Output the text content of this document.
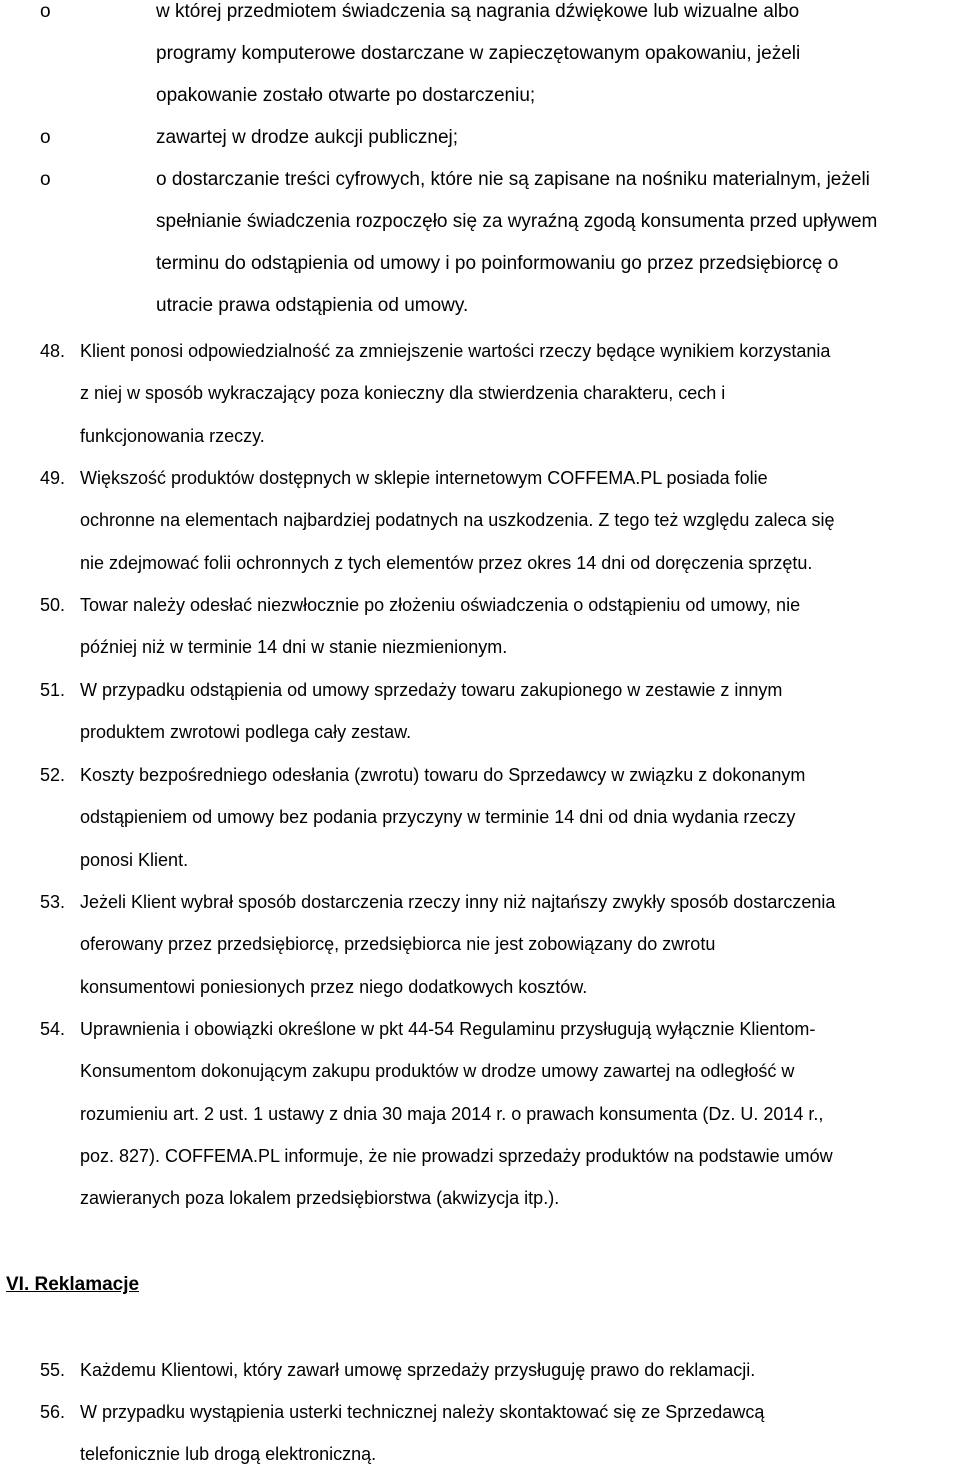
o	w której przedmiotem świadczenia są nagrania dźwiękowe lub wizualne albo
programy komputerowe dostarczane w zapieczętowanym opakowaniu, jeżeli
opakowanie zostało otwarte po dostarczeniu;
o	zawartej w drodze aukcji publicznej;
o	o dostarczanie treści cyfrowych, które nie są zapisane na nośniku materialnym, jeżeli
spełnianie świadczenia rozpoczęło się za wyraźną zgodą konsumenta przed upływem
terminu do odstąpienia od umowy i po poinformowaniu go przez przedsiębiorcę o
utracie prawa odstąpienia od umowy.
48. Klient ponosi odpowiedzialność za zmniejszenie wartości rzeczy będące wynikiem korzystania
z niej w sposób wykraczający poza konieczny dla stwierdzenia charakteru, cech i
funkcjonowania rzeczy.
49. Większość produktów dostępnych w sklepie internetowym COFFEMA.PL posiada folie
ochronne na elementach najbardziej podatnych na uszkodzenia. Z tego też względu zaleca się
nie zdejmować folii ochronnych z tych elementów przez okres 14 dni od doręczenia sprzętu.
50. Towar należy odesłać niezwłocznie po złożeniu oświadczenia o odstąpieniu od umowy, nie
później niż w terminie 14 dni w stanie niezmienionym.
51. W przypadku odstąpienia od umowy sprzedaży towaru zakupionego w zestawie z innym
produktem zwrotowi podlega cały zestaw.
52. Koszty bezpośredniego odesłania (zwrotu) towaru do Sprzedawcy w związku z dokonanym
odstąpieniem od umowy bez podania przyczyny w terminie 14 dni od dnia wydania rzeczy
ponosi Klient.
53. Jeżeli Klient wybrał sposób dostarczenia rzeczy inny niż najtańszy zwykły sposób dostarczenia
oferowany przez przedsiębiorcę, przedsiębiorca nie jest zobowiązany do zwrotu
konsumentowi poniesionych przez niego dodatkowych kosztów.
54. Uprawnienia i obowiązki określone w pkt 44-54 Regulaminu przysługują wyłącznie Klientom-
Konsumentom dokonującym zakupu produktów w drodze umowy zawartej na odległość w
rozumieniu art. 2 ust. 1 ustawy z dnia 30 maja 2014 r. o prawach konsumenta (Dz. U. 2014 r.,
poz. 827). COFFEMA.PL informuje, że nie prowadzi sprzedaży produktów na podstawie umów
zawieranych poza lokalem przedsiębiorstwa (akwizycja itp.).
VI. Reklamacje
55. Każdemu Klientowi, który zawarł umowę sprzedaży przysługuję prawo do reklamacji.
56. W przypadku wystąpienia usterki technicznej należy skontaktować się ze Sprzedawcą
telefonicznie lub drogą elektroniczną.
